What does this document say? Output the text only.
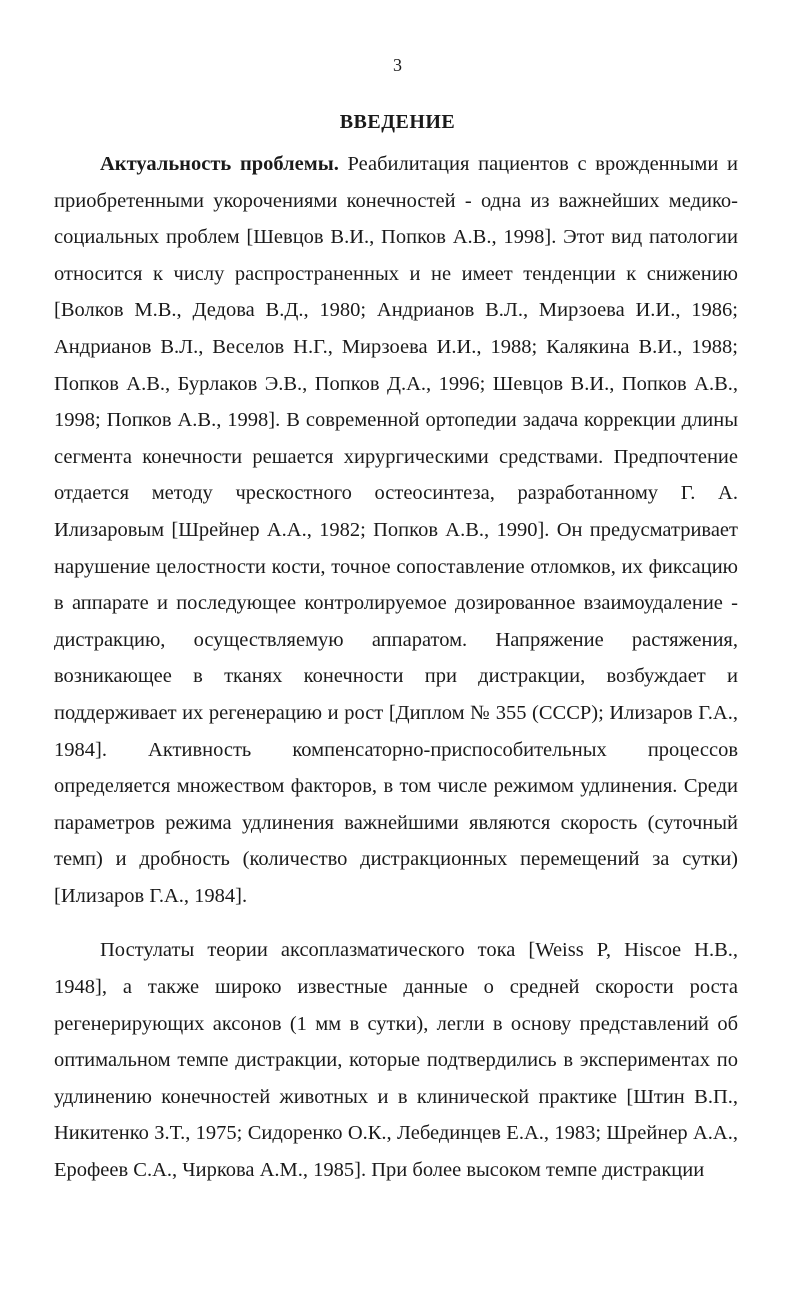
3
ВВЕДЕНИЕ

Актуальность проблемы. Реабилитация пациентов с врожденными и приобретенными укорочениями конечностей - одна из важнейших медико-социальных проблем [Шевцов В.И., Попков А.В., 1998]. Этот вид патологии относится к числу распространенных и не имеет тенденции к снижению [Волков М.В., Дедова В.Д., 1980; Андрианов В.Л., Мирзоева И.И., 1986; Андрианов В.Л., Веселов Н.Г., Мирзоева И.И., 1988; Калякина В.И., 1988; Попков А.В., Бурлаков Э.В., Попков Д.А., 1996; Шевцов В.И., Попков А.В., 1998; Попков А.В., 1998]. В современной ортопедии задача коррекции длины сегмента конечности решается хирургическими средствами. Предпочтение отдается методу чрескостного остеосинтеза, разработанному Г. А. Илизаровым [Шрейнер А.А., 1982; Попков А.В., 1990]. Он предусматривает нарушение целостности кости, точное сопоставление отломков, их фиксацию в аппарате и последующее контролируемое дозированное взаимоудаление - дистракцию, осуществляемую аппаратом. Напряжение растяжения, возникающее в тканях конечности при дистракции, возбуждает и поддерживает их регенерацию и рост [Диплом № 355 (СССР); Илизаров Г.А., 1984]. Активность компенсаторно-приспособительных процессов определяется множеством факторов, в том числе режимом удлинения. Среди параметров режима удлинения важнейшими являются скорость (суточный темп) и дробность (количество дистракционных перемещений за сутки) [Илизаров Г.А., 1984].

Постулаты теории аксоплазматического тока [Weiss P, Hiscoe H.B., 1948], а также широко известные данные о средней скорости роста регенерирующих аксонов (1 мм в сутки), легли в основу представлений об оптимальном темпе дистракции, которые подтвердились в экспериментах по удлинению конечностей животных и в клинической практике [Штин В.П., Никитенко З.Т., 1975; Сидоренко О.К., Лебединцев Е.А., 1983; Шрейнер А.А., Ерофеев С.А., Чиркова А.М., 1985]. При более высоком темпе дистракции
